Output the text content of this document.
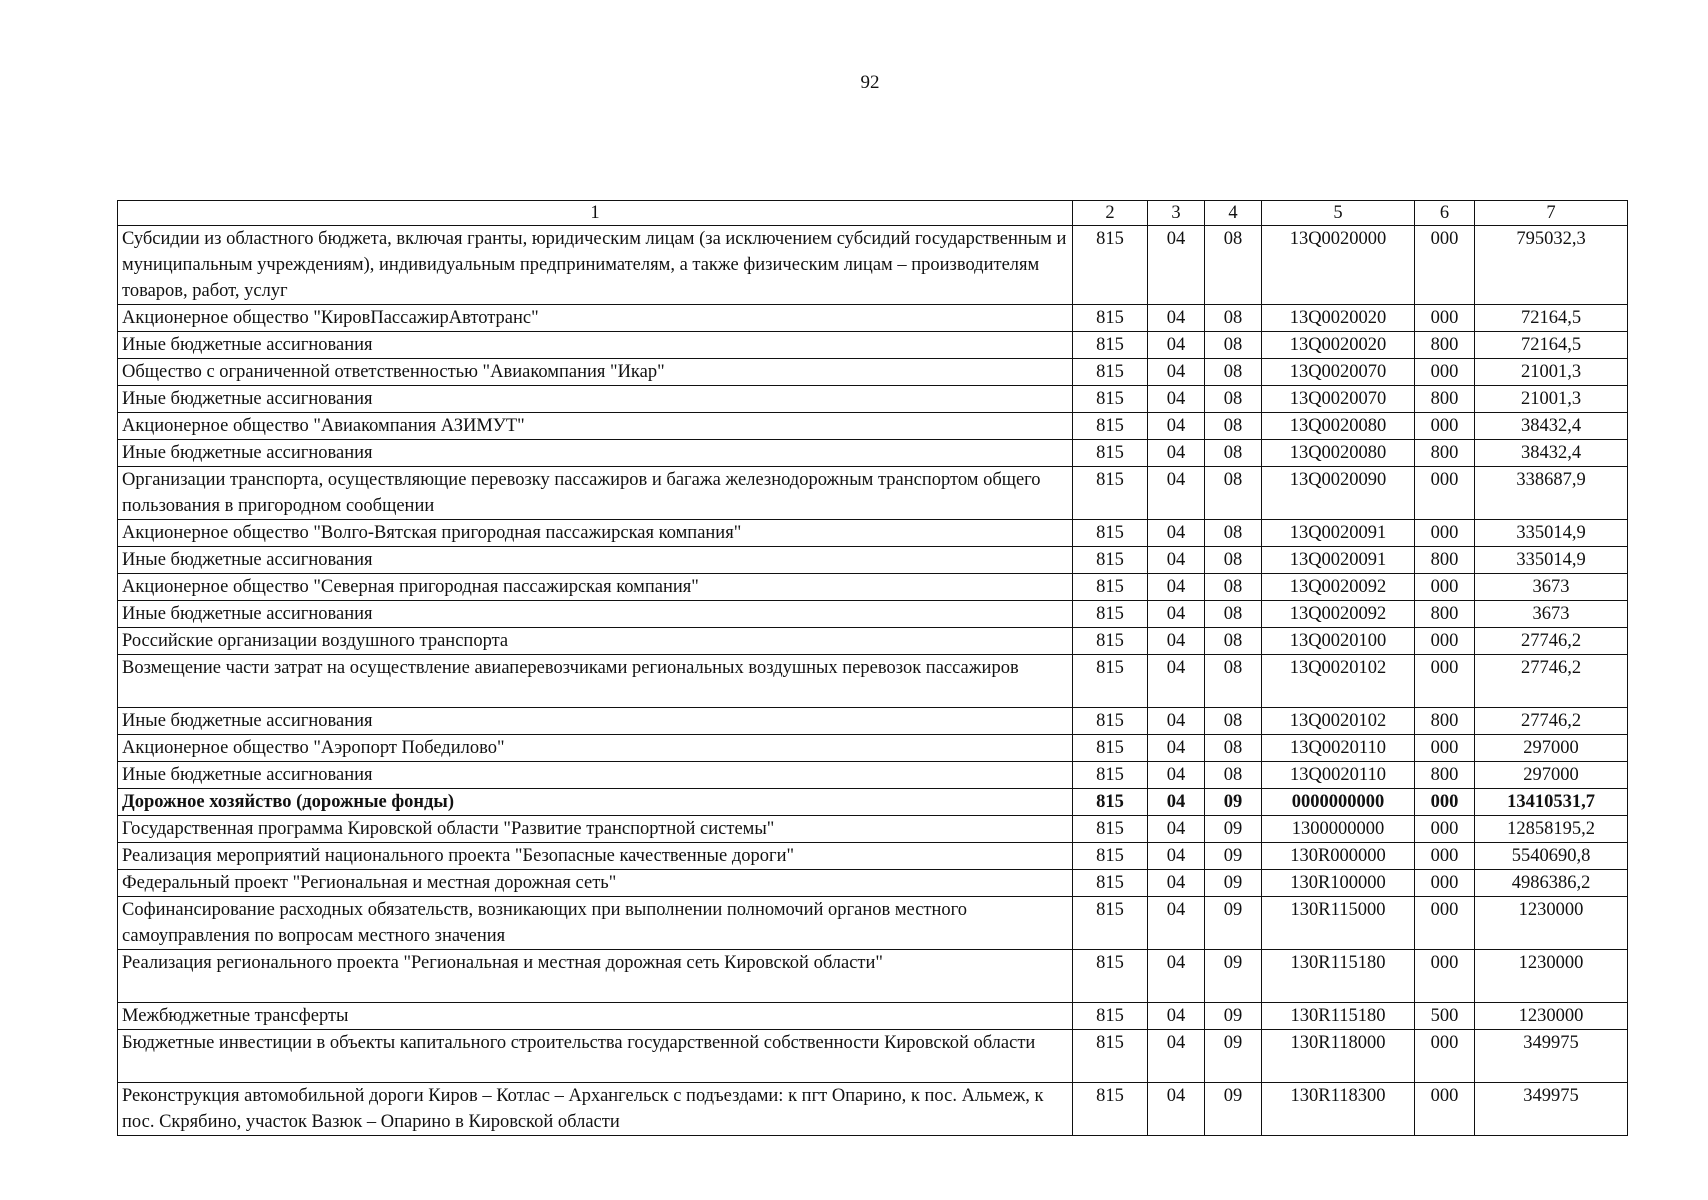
92
1	2	3	4	5	6	7
Субсидии из областного бюджета, включая гранты, юридическим лицам (за исключением субсидий государственным и муниципальным учреждениям), индивидуальным предпринимателям, а также физическим лицам – производителям товаров, работ, услуг	815	04	08	13Q0020000	000	795032,3
Акционерное общество "КировПассажирАвтотранс"	815	04	08	13Q0020020	000	72164,5
Иные бюджетные ассигнования	815	04	08	13Q0020020	800	72164,5
Общество с ограниченной ответственностью "Авиакомпания "Икар"	815	04	08	13Q0020070	000	21001,3
Иные бюджетные ассигнования	815	04	08	13Q0020070	800	21001,3
Акционерное общество "Авиакомпания АЗИМУТ"	815	04	08	13Q0020080	000	38432,4
Иные бюджетные ассигнования	815	04	08	13Q0020080	800	38432,4
Организации транспорта, осуществляющие перевозку пассажиров и багажа железнодорожным транспортом общего пользования в пригородном сообщении	815	04	08	13Q0020090	000	338687,9
Акционерное общество "Волго-Вятская пригородная пассажирская компания"	815	04	08	13Q0020091	000	335014,9
Иные бюджетные ассигнования	815	04	08	13Q0020091	800	335014,9
Акционерное общество "Северная пригородная пассажирская компания"	815	04	08	13Q0020092	000	3673
Иные бюджетные ассигнования	815	04	08	13Q0020092	800	3673
Российские организации воздушного транспорта	815	04	08	13Q0020100	000	27746,2
Возмещение части затрат на осуществление авиаперевозчиками региональных воздушных перевозок пассажиров	815	04	08	13Q0020102	000	27746,2
Иные бюджетные ассигнования	815	04	08	13Q0020102	800	27746,2
Акционерное общество "Аэропорт Победилово"	815	04	08	13Q0020110	000	297000
Иные бюджетные ассигнования	815	04	08	13Q0020110	800	297000
Дорожное хозяйство (дорожные фонды)	815	04	09	0000000000	000	13410531,7
Государственная программа Кировской области "Развитие транспортной системы"	815	04	09	1300000000	000	12858195,2
Реализация мероприятий национального проекта "Безопасные качественные дороги"	815	04	09	130R000000	000	5540690,8
Федеральный проект "Региональная и местная дорожная сеть"	815	04	09	130R100000	000	4986386,2
Софинансирование расходных обязательств, возникающих при выполнении полномочий органов местного самоуправления по вопросам местного значения	815	04	09	130R115000	000	1230000
Реализация регионального проекта "Региональная и местная дорожная сеть Кировской области"	815	04	09	130R115180	000	1230000
Межбюджетные трансферты	815	04	09	130R115180	500	1230000
Бюджетные инвестиции в объекты капитального строительства государственной собственности Кировской области	815	04	09	130R118000	000	349975
Реконструкция автомобильной дороги Киров – Котлас – Архангельск с подъездами: к пгт Опарино, к пос. Альмеж, к пос. Скрябино, участок Вазюк – Опарино в Кировской области	815	04	09	130R118300	000	349975
